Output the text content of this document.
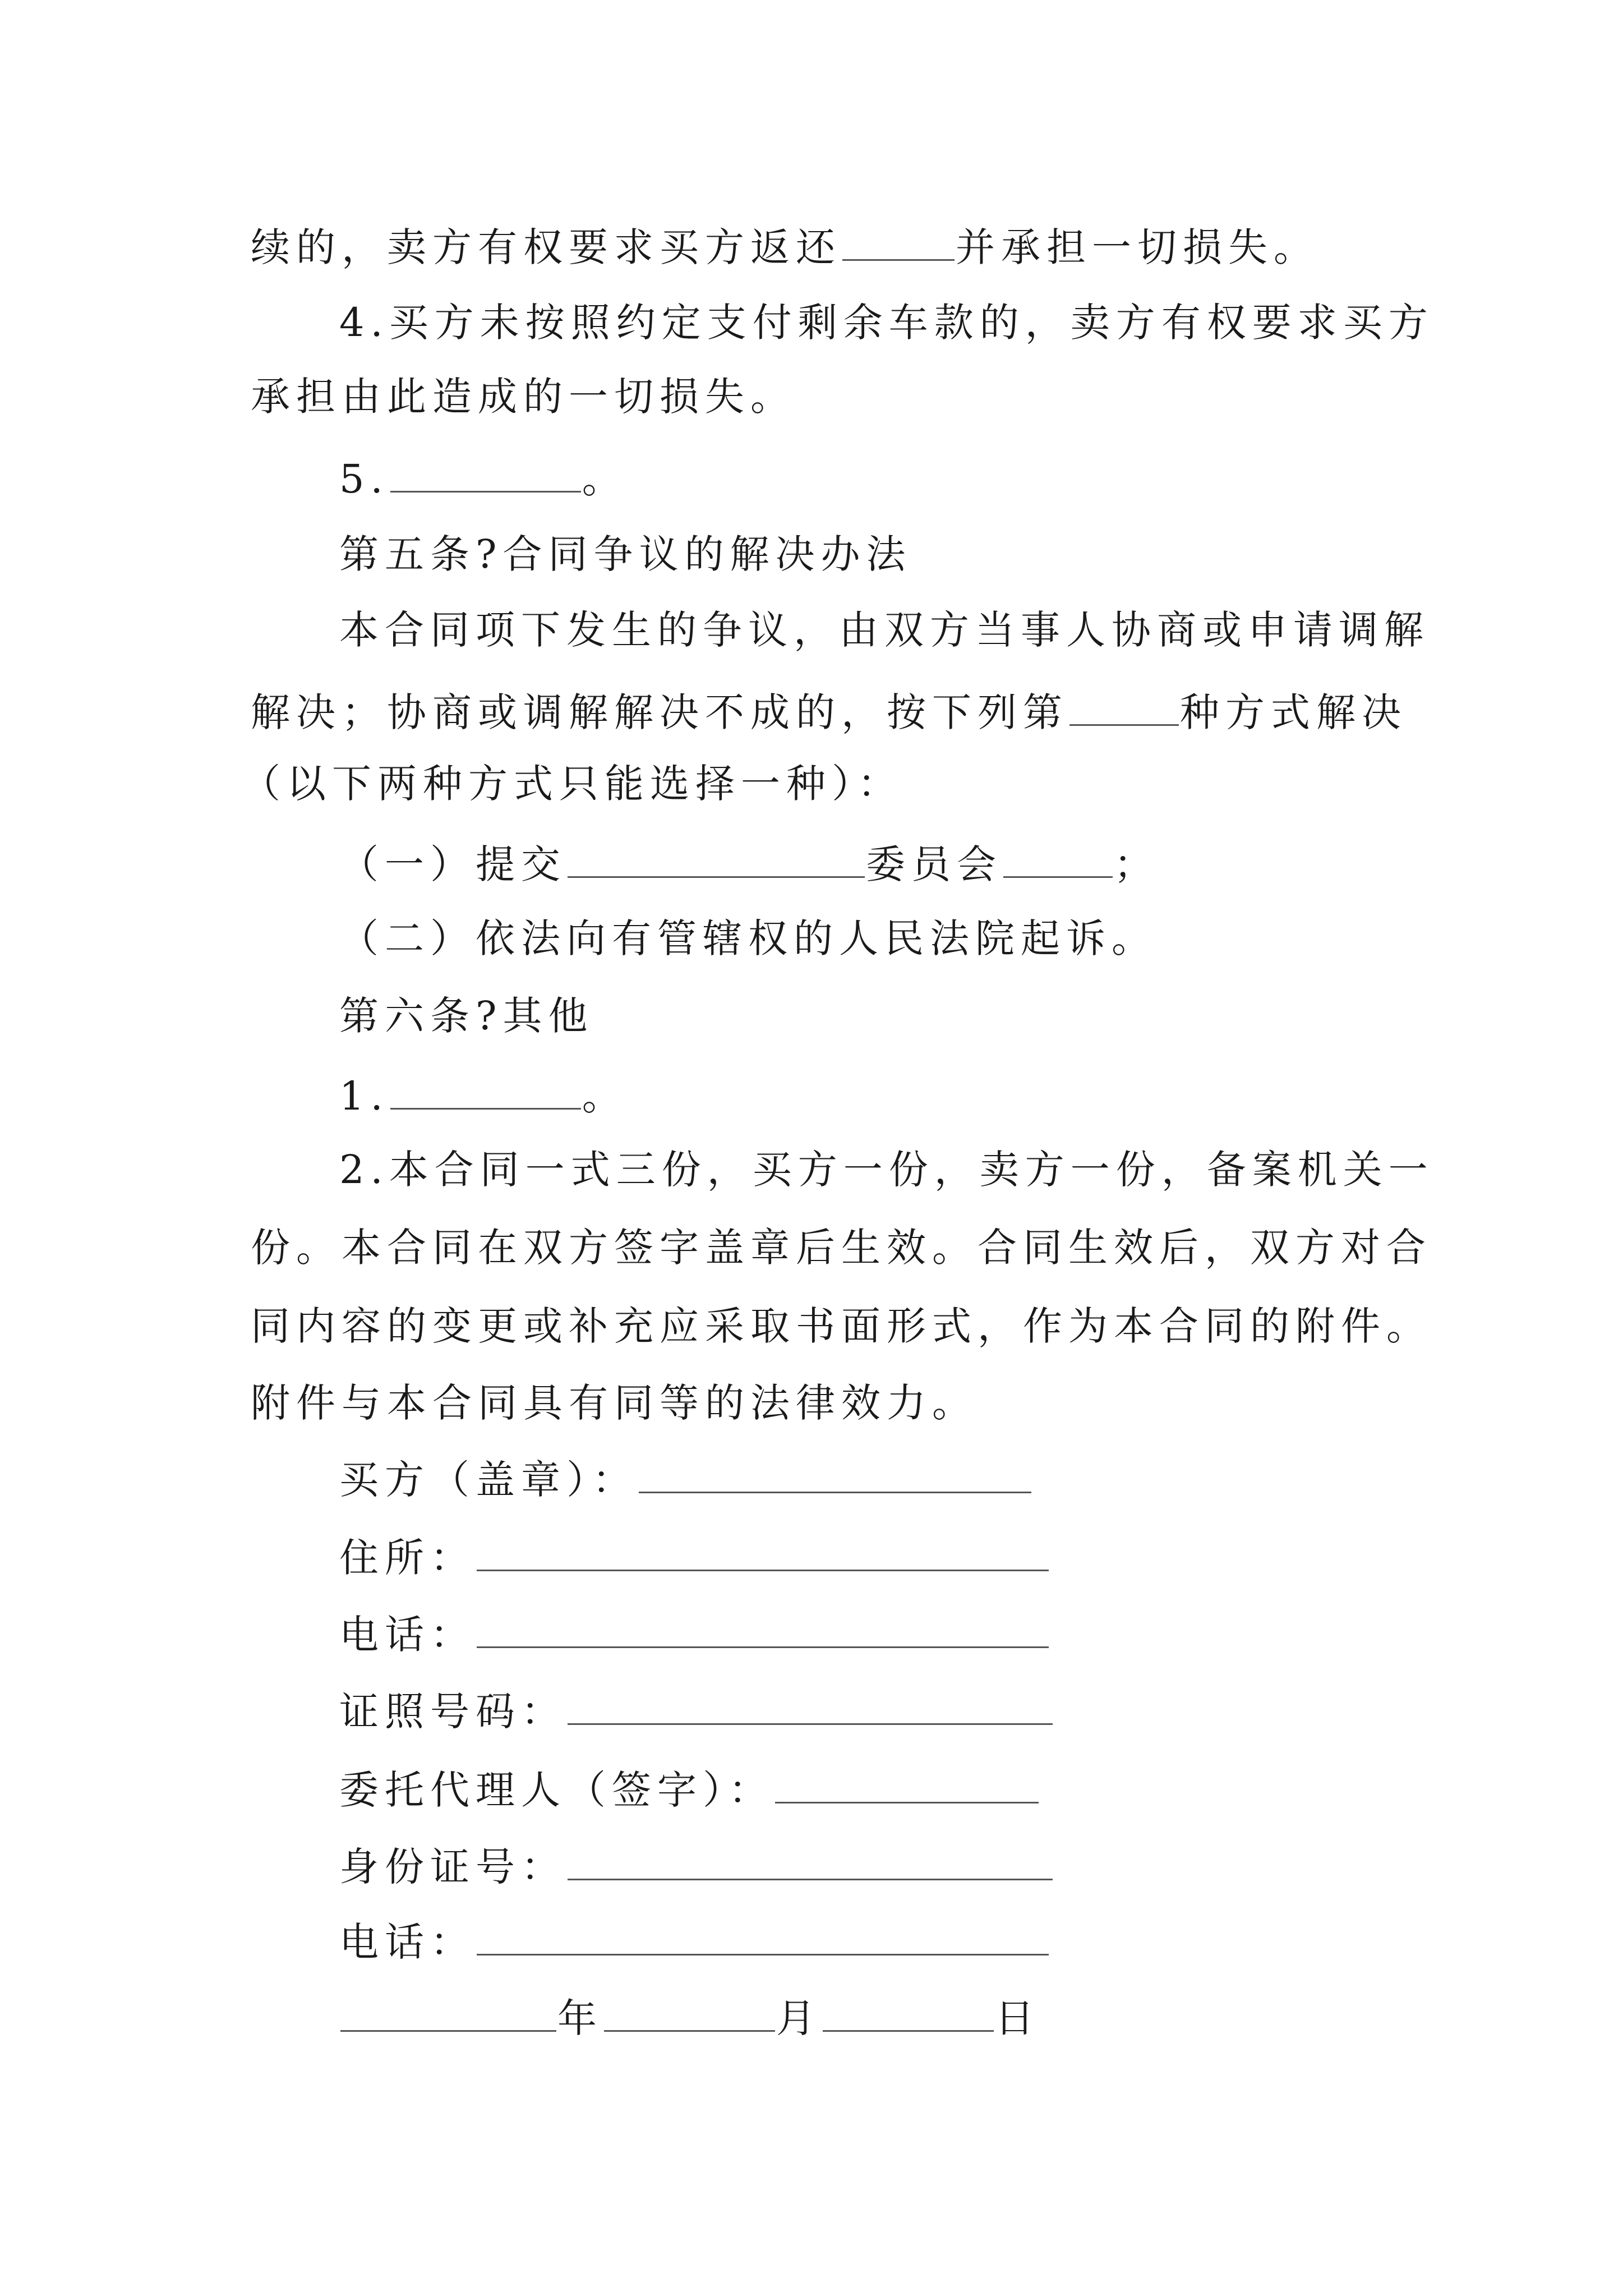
续的，卖方有权要求买方返还	并承担一切损失。
4.买方未按照约定支付剩余车款的，卖方有权要求买方
承担由此造成的一切损失。
5.	。
第五条?合同争议的解决办法
本合同项下发生的争议，由双方当事人协商或申请调解
解决；协商或调解解决不成的，按下列第	种方式解决
（以下两种方式只能选择一种）：
（一）提交	委员会	；
（二）依法向有管辖权的人民法院起诉。
第六条?其他
1.	。
2.本合同一式三份，买方一份，卖方一份，备案机关一
份。本合同在双方签字盖章后生效。合同生效后，双方对合
同内容的变更或补充应采取书面形式，作为本合同的附件。
附件与本合同具有同等的法律效力。
买方（盖章）：
住所：
电话：
证照号码：
委托代理人（签字）：
身份证号：
电话：
年	月	日
